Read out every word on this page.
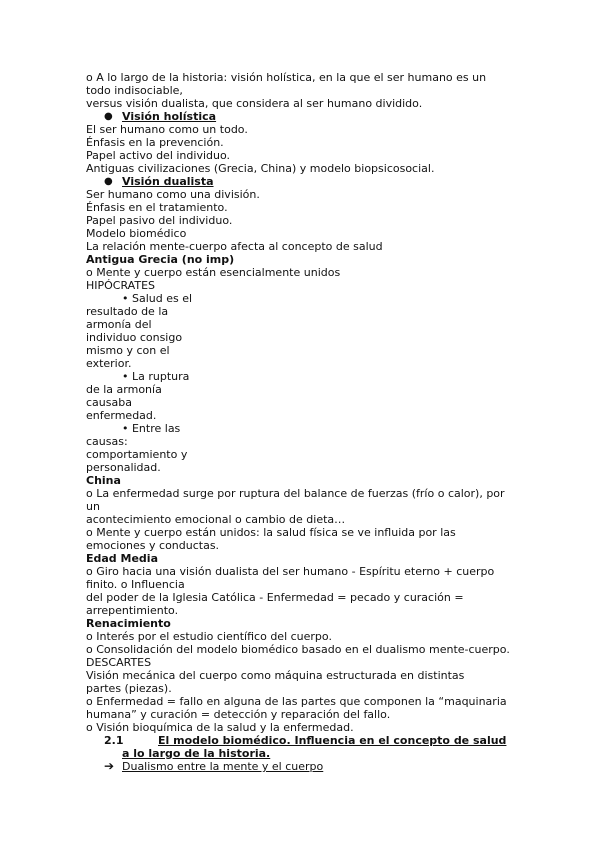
o A lo largo de la historia: visión holística, en la que el ser humano es un
todo indisociable,
versus visión dualista, que considera al ser humano dividido.
● Visión holística
El ser humano como un todo.
Énfasis en la prevención.
Papel activo del individuo.
Antiguas civilizaciones (Grecia, China) y modelo biopsicosocial.
● Visión dualista
Ser humano como una división.
Énfasis en el tratamiento.
Papel pasivo del individuo.
Modelo biomédico
La relación mente-cuerpo afecta al concepto de salud
Antigua Grecia (no imp)
o Mente y cuerpo están esencialmente unidos
HIPÓCRATES
• Salud es el
resultado de la
armonía del
individuo consigo
mismo y con el
exterior.
• La ruptura
de la armonía
causaba
enfermedad.
• Entre las
causas:
comportamiento y
personalidad.
China
o La enfermedad surge por ruptura del balance de fuerzas (frío o calor), por
un
acontecimiento emocional o cambio de dieta…
o Mente y cuerpo están unidos: la salud física se ve influida por las
emociones y conductas.
Edad Media
o Giro hacia una visión dualista del ser humano - Espíritu eterno + cuerpo
finito. o Influencia
del poder de la Iglesia Católica - Enfermedad = pecado y curación =
arrepentimiento.
Renacimiento
o Interés por el estudio científico del cuerpo.
o Consolidación del modelo biomédico basado en el dualismo mente-cuerpo.
DESCARTES
Visión mecánica del cuerpo como máquina estructurada en distintas
partes (piezas).
o Enfermedad = fallo en alguna de las partes que componen la “maquinaria
humana” y curación = detección y reparación del fallo.
o Visión bioquímica de la salud y la enfermedad.
2.1	El modelo biomédico. Influencia en el concepto de salud
a lo largo de la historia.
➔ Dualismo entre la mente y el cuerpo
